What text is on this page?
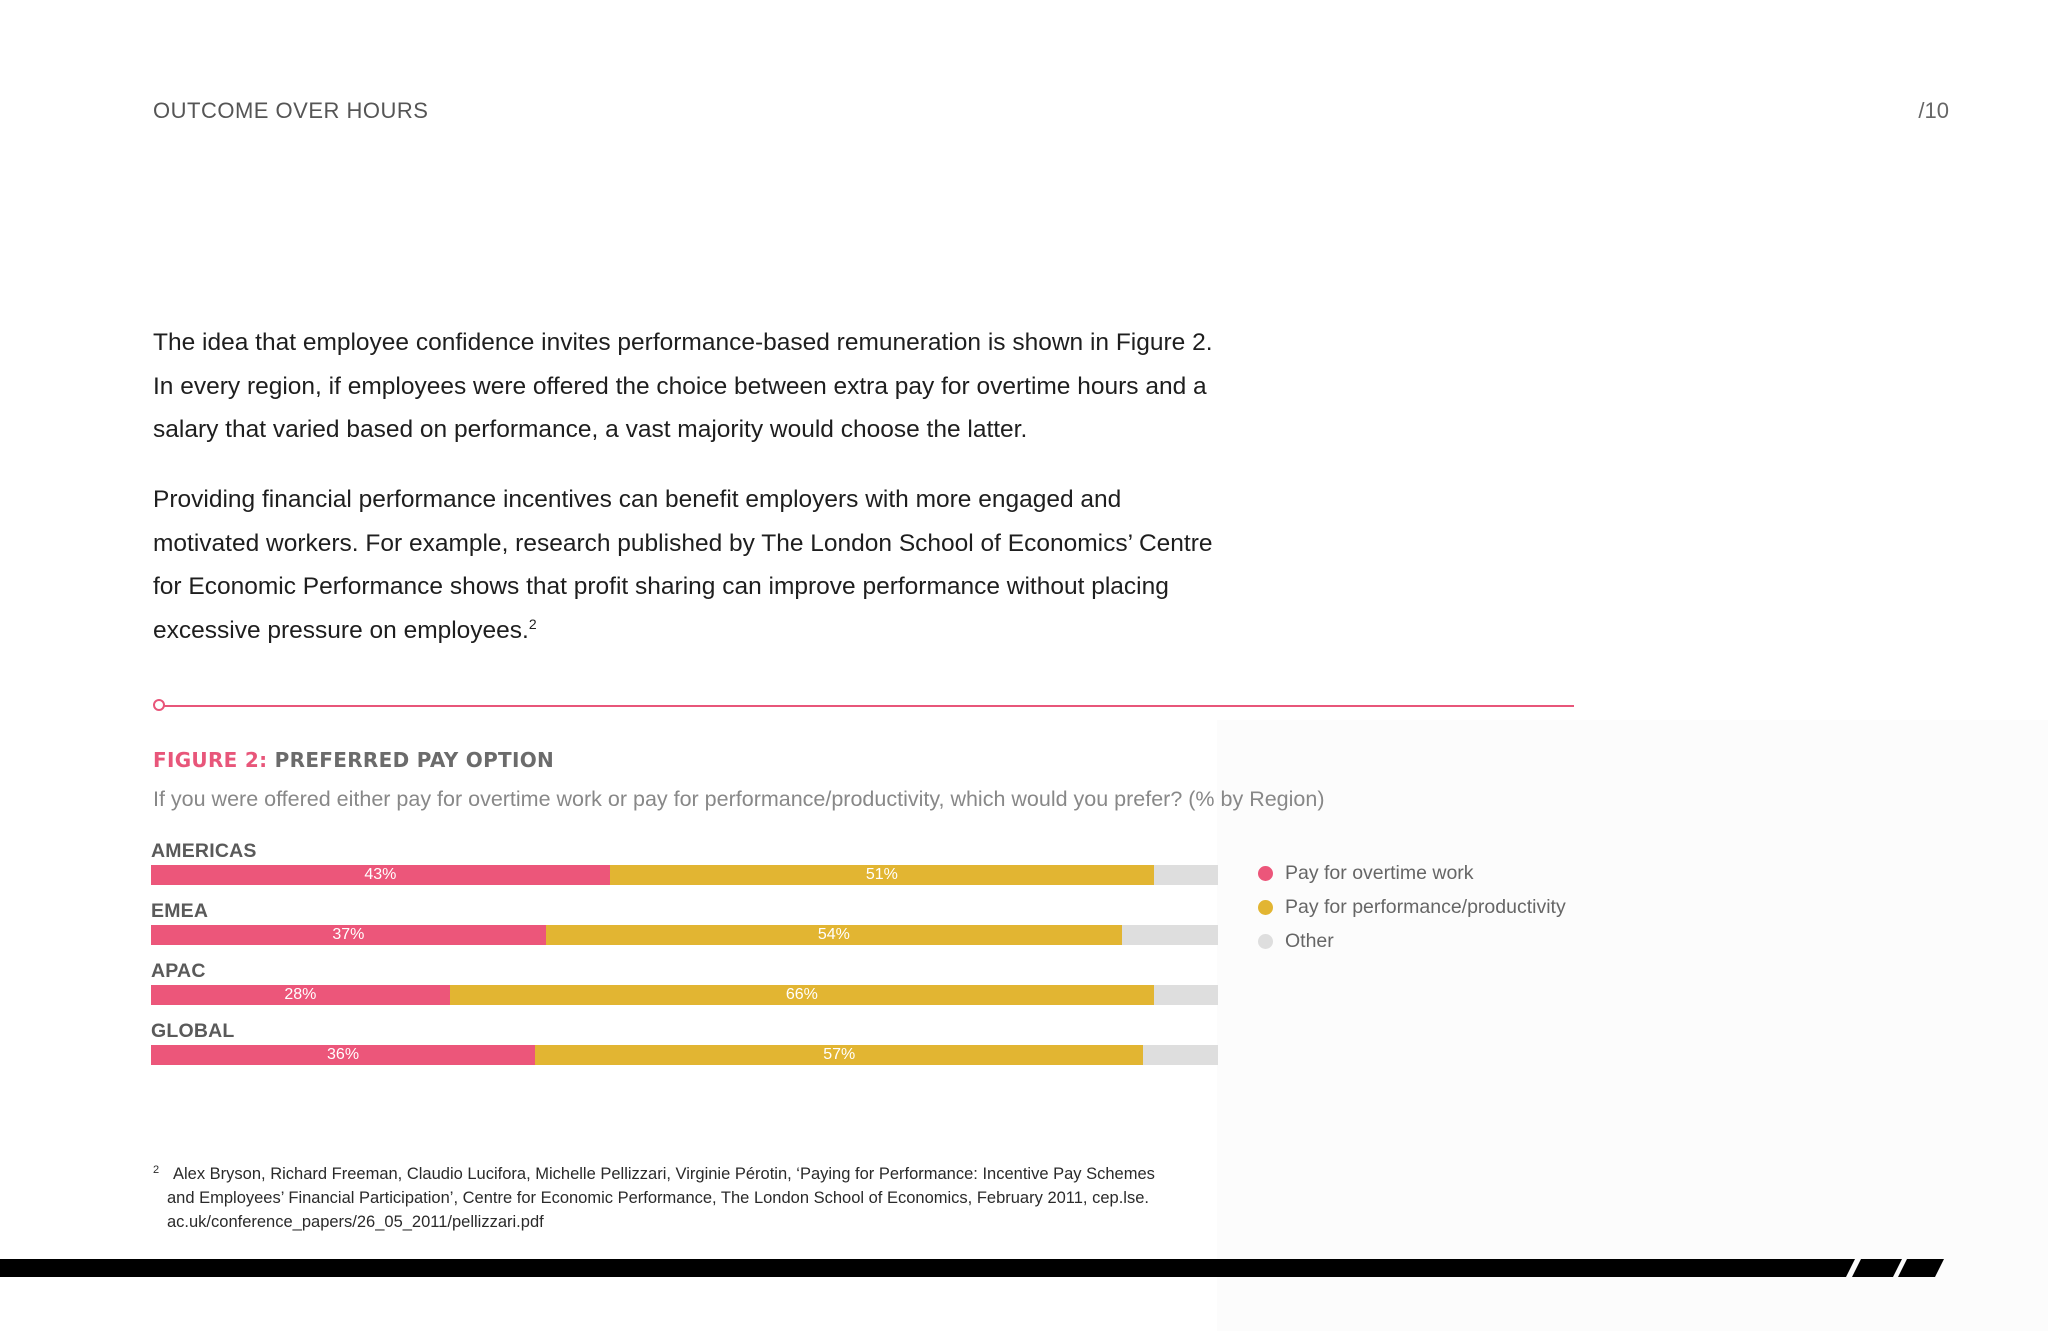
OUTCOME OVER HOURS	/10

The idea that employee confidence invites performance-based remuneration is shown in Figure 2. In every region, if employees were offered the choice between extra pay for overtime hours and a salary that varied based on performance, a vast majority would choose the latter.

Providing financial performance incentives can benefit employers with more engaged and motivated workers. For example, research published by The London School of Economics’ Centre for Economic Performance shows that profit sharing can improve performance without placing excessive pressure on employees.$^2$

FIGURE 2: PREFERRED PAY OPTION
If you were offered either pay for overtime work or pay for performance/productivity, which would you prefer? (% by Region)
AMERICAS
43%	51%
EMEA
37%	54%
APAC
28%	66%
GLOBAL
36%	57%
Pay for overtime work
Pay for performance/productivity
Other
2 Alex Bryson, Richard Freeman, Claudio Lucifora, Michelle Pellizzari, Virginie Pérotin, ‘Paying for Performance: Incentive Pay Schemes
and Employees’ Financial Participation’, Centre for Economic Performance, The London School of Economics, February 2011, cep.lse.
ac.uk/conference_papers/26_05_2011/pellizzari.pdf
